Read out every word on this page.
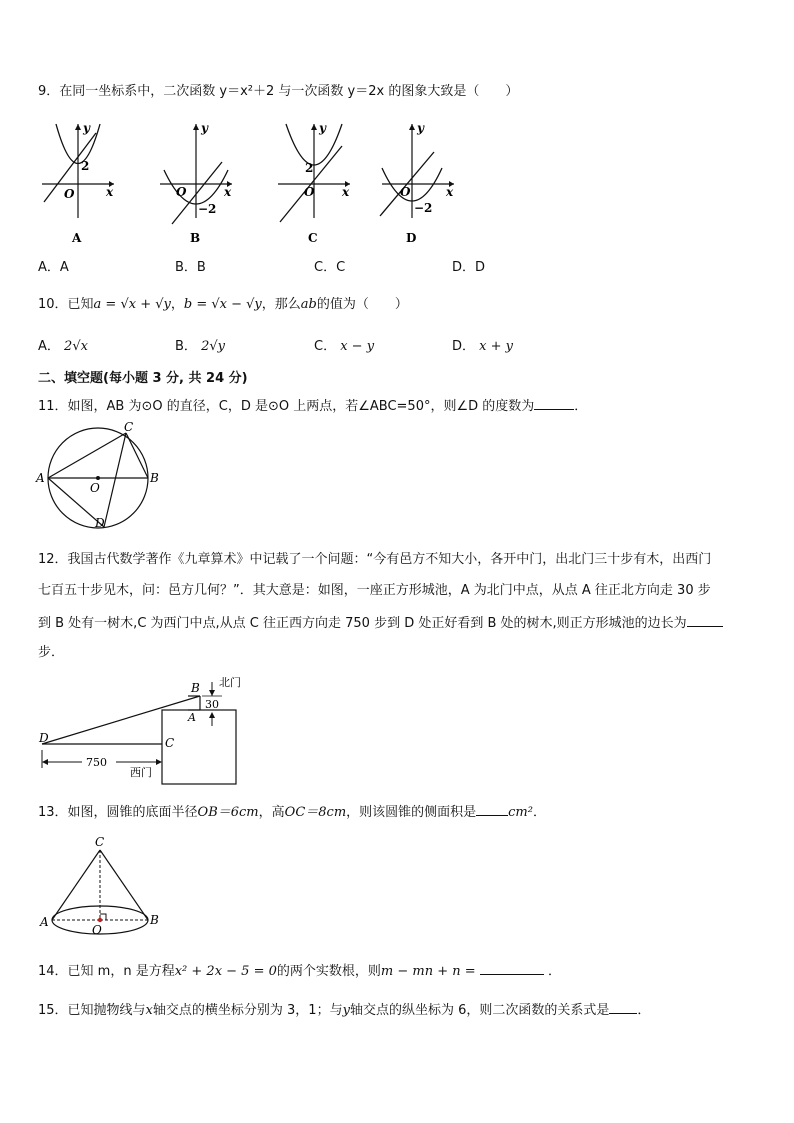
9．在同一坐标系中，二次函数 y＝x²＋2 与一次函数 y＝2x 的图象大致是（　　）
y
x
O
2
A
y
x
O
−2
B
y
x
O
2
C
y
x
O
−2
D
A．A	B．B	C．C	D．D
10．已知a = √x + √y，b = √x − √y，那么ab的值为（　　）
A． 2√x	B． 2√y	C． x − y	D． x + y
二、填空题(每小题 3 分, 共 24 分)
11．如图，AB 为⊙O 的直径，C，D 是⊙O 上两点，若∠ABC=50°，则∠D 的度数为	．
C
A	B
O
D
12．我国古代数学著作《九章算术》中记载了一个问题：“今有邑方不知大小，各开中门，出北门三十步有木，出西门
七百五十步见木，问：邑方几何？”．其大意是：如图，一座正方形城池，A 为北门中点，从点 A 往正北方向走 30 步
到 B 处有一树木,C 为西门中点,从点 C 往正西方向走 750 步到 D 处正好看到 B 处的树木,则正方形城池的边长为
步．
B
A
C
D
北门
30
750
西门
13．如图，圆锥的底面半径OB＝6cm，高OC＝8cm，则该圆锥的侧面积是 cm²．
C
A	B
O
14．已知 m，n 是方程x² + 2x − 5 = 0的两个实数根，则m − mn + n =	．
15．已知抛物线与x轴交点的横坐标分别为 3，1；与y轴交点的纵坐标为 6，则二次函数的关系式是 ．
